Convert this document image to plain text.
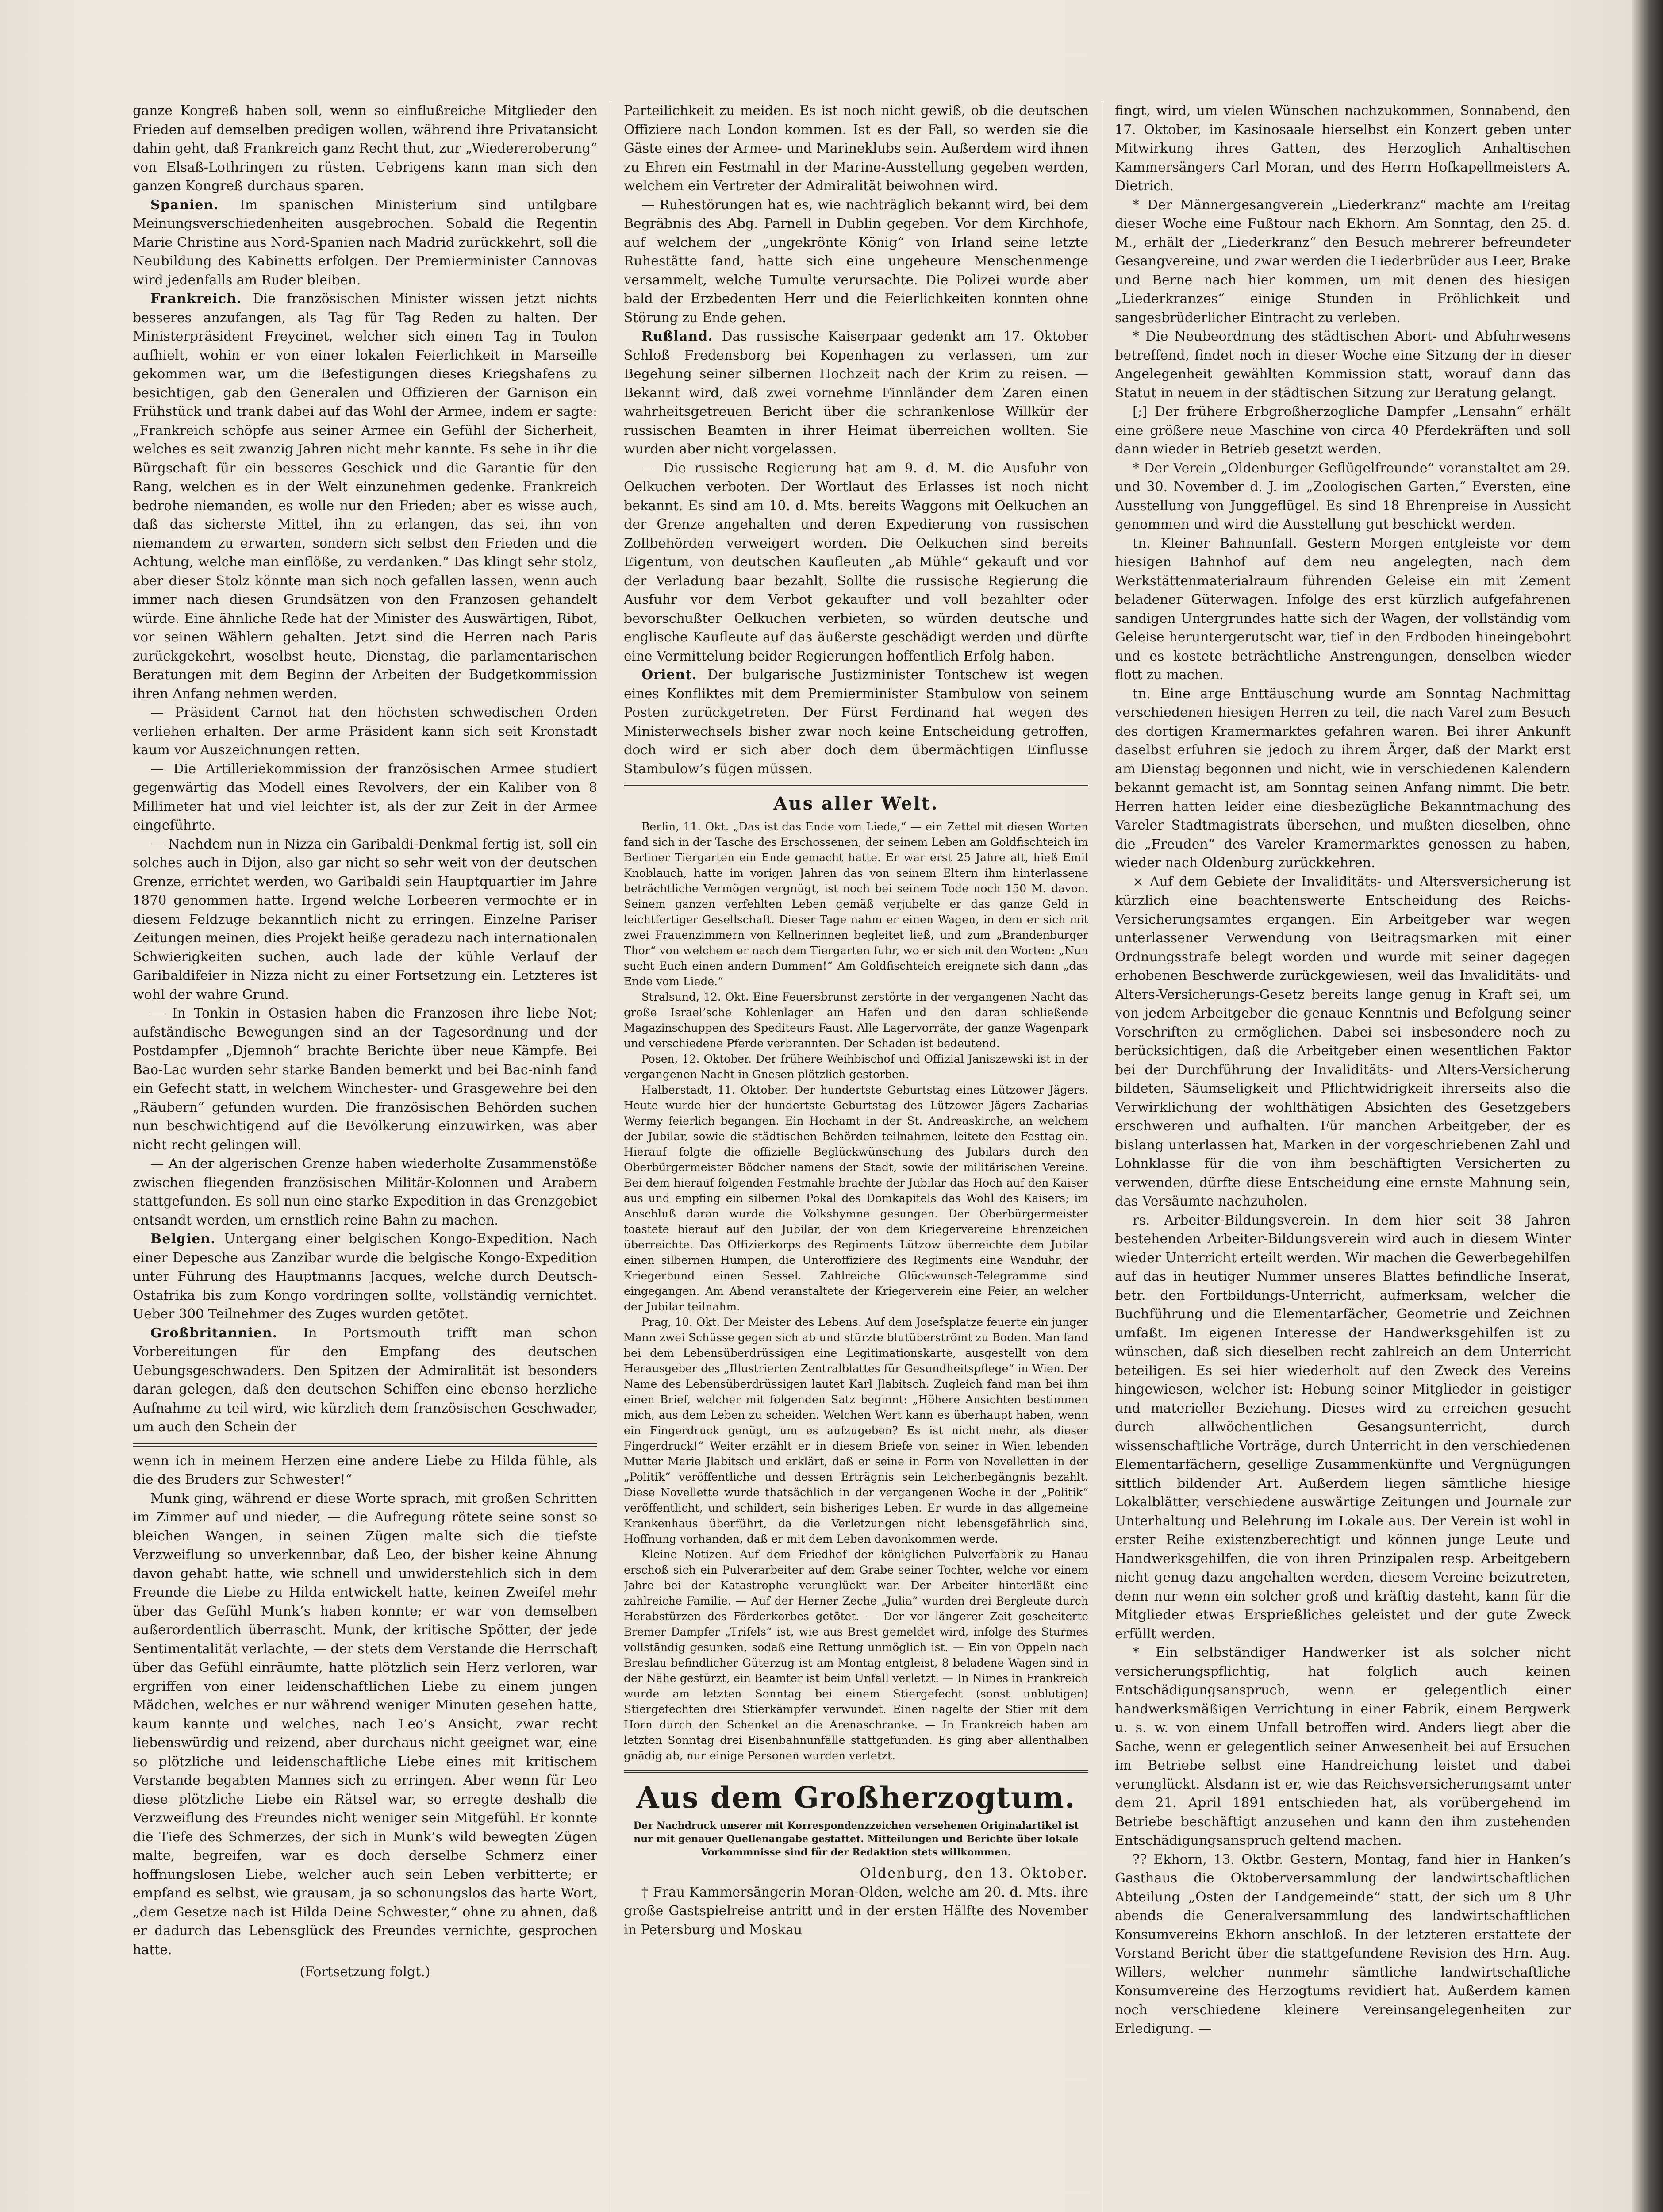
ganze Kongreß haben soll, wenn so einflußreiche Mitglieder den Frieden auf demselben predigen wollen, während ihre Privatansicht dahin geht, daß Frankreich ganz Recht thut, zur „Wiedereroberung“ von Elsaß-Lothringen zu rüsten. Uebrigens kann man sich den ganzen Kongreß durchaus sparen.

Spanien. Im spanischen Ministerium sind untilgbare Meinungsverschiedenheiten ausgebrochen. Sobald die Regentin Marie Christine aus Nord-Spanien nach Madrid zurückkehrt, soll die Neubildung des Kabinetts erfolgen. Der Premierminister Cannovas wird jedenfalls am Ruder bleiben.

Frankreich. Die französischen Minister wissen jetzt nichts besseres anzufangen, als Tag für Tag Reden zu halten. Der Ministerpräsident Freycinet, welcher sich einen Tag in Toulon aufhielt, wohin er von einer lokalen Feierlichkeit in Marseille gekommen war, um die Befestigungen dieses Kriegshafens zu besichtigen, gab den Generalen und Offizieren der Garnison ein Frühstück und trank dabei auf das Wohl der Armee, indem er sagte: „Frankreich schöpfe aus seiner Armee ein Gefühl der Sicherheit, welches es seit zwanzig Jahren nicht mehr kannte. Es sehe in ihr die Bürgschaft für ein besseres Geschick und die Garantie für den Rang, welchen es in der Welt einzunehmen gedenke. Frankreich bedrohe niemanden, es wolle nur den Frieden; aber es wisse auch, daß das sicherste Mittel, ihn zu erlangen, das sei, ihn von niemandem zu erwarten, sondern sich selbst den Frieden und die Achtung, welche man einflöße, zu verdanken.“ Das klingt sehr stolz, aber dieser Stolz könnte man sich noch gefallen lassen, wenn auch immer nach diesen Grundsätzen von den Franzosen gehandelt würde. Eine ähnliche Rede hat der Minister des Auswärtigen, Ribot, vor seinen Wählern gehalten. Jetzt sind die Herren nach Paris zurückgekehrt, woselbst heute, Dienstag, die parlamentarischen Beratungen mit dem Beginn der Arbeiten der Budgetkommission ihren Anfang nehmen werden.

— Präsident Carnot hat den höchsten schwedischen Orden verliehen erhalten. Der arme Präsident kann sich seit Kronstadt kaum vor Auszeichnungen retten.

— Die Artilleriekommission der französischen Armee studiert gegenwärtig das Modell eines Revolvers, der ein Kaliber von 8 Millimeter hat und viel leichter ist, als der zur Zeit in der Armee eingeführte.

— Nachdem nun in Nizza ein Garibaldi-Denkmal fertig ist, soll ein solches auch in Dijon, also gar nicht so sehr weit von der deutschen Grenze, errichtet werden, wo Garibaldi sein Hauptquartier im Jahre 1870 genommen hatte. Irgend welche Lorbeeren vermochte er in diesem Feldzuge bekanntlich nicht zu erringen. Einzelne Pariser Zeitungen meinen, dies Projekt heiße geradezu nach internationalen Schwierigkeiten suchen, auch lade der kühle Verlauf der Garibaldifeier in Nizza nicht zu einer Fortsetzung ein. Letzteres ist wohl der wahre Grund.

— In Tonkin in Ostasien haben die Franzosen ihre liebe Not; aufständische Bewegungen sind an der Tagesordnung und der Postdampfer „Djemnoh“ brachte Berichte über neue Kämpfe. Bei Bao-Lac wurden sehr starke Banden bemerkt und bei Bac-ninh fand ein Gefecht statt, in welchem Winchester- und Grasgewehre bei den „Räubern“ gefunden wurden. Die französischen Behörden suchen nun beschwichtigend auf die Bevölkerung einzuwirken, was aber nicht recht gelingen will.

— An der algerischen Grenze haben wiederholte Zusammenstöße zwischen fliegenden französischen Militär-Kolonnen und Arabern stattgefunden. Es soll nun eine starke Expedition in das Grenzgebiet entsandt werden, um ernstlich reine Bahn zu machen.

Belgien. Untergang einer belgischen Kongo-Expedition. Nach einer Depesche aus Zanzibar wurde die belgische Kongo-Expedition unter Führung des Hauptmanns Jacques, welche durch Deutsch-Ostafrika bis zum Kongo vordringen sollte, vollständig vernichtet. Ueber 300 Teilnehmer des Zuges wurden getötet.

Großbritannien. In Portsmouth trifft man schon Vorbereitungen für den Empfang des deutschen Uebungsgeschwaders. Den Spitzen der Admiralität ist besonders daran gelegen, daß den deutschen Schiffen eine ebenso herzliche Aufnahme zu teil wird, wie kürzlich dem französischen Geschwader, um auch den Schein der

wenn ich in meinem Herzen eine andere Liebe zu Hilda fühle, als die des Bruders zur Schwester!“

Munk ging, während er diese Worte sprach, mit großen Schritten im Zimmer auf und nieder, — die Aufregung rötete seine sonst so bleichen Wangen, in seinen Zügen malte sich die tiefste Verzweiflung so unverkennbar, daß Leo, der bisher keine Ahnung davon gehabt hatte, wie schnell und unwiderstehlich sich in dem Freunde die Liebe zu Hilda entwickelt hatte, keinen Zweifel mehr über das Gefühl Munk’s haben konnte; er war von demselben außerordentlich überrascht. Munk, der kritische Spötter, der jede Sentimentalität verlachte, — der stets dem Verstande die Herrschaft über das Gefühl einräumte, hatte plötzlich sein Herz verloren, war ergriffen von einer leidenschaftlichen Liebe zu einem jungen Mädchen, welches er nur während weniger Minuten gesehen hatte, kaum kannte und welches, nach Leo’s Ansicht, zwar recht liebenswürdig und reizend, aber durchaus nicht geeignet war, eine so plötzliche und leidenschaftliche Liebe eines mit kritischem Verstande begabten Mannes sich zu erringen. Aber wenn für Leo diese plötzliche Liebe ein Rätsel war, so erregte deshalb die Verzweiflung des Freundes nicht weniger sein Mitgefühl. Er konnte die Tiefe des Schmerzes, der sich in Munk’s wild bewegten Zügen malte, begreifen, war es doch derselbe Schmerz einer hoffnungslosen Liebe, welcher auch sein Leben verbitterte; er empfand es selbst, wie grausam, ja so schonungslos das harte Wort, „dem Gesetze nach ist Hilda Deine Schwester,“ ohne zu ahnen, daß er dadurch das Lebensglück des Freundes vernichte, gesprochen hatte.

(Fortsetzung folgt.)

Parteilichkeit zu meiden. Es ist noch nicht gewiß, ob die deutschen Offiziere nach London kommen. Ist es der Fall, so werden sie die Gäste eines der Armee- und Marineklubs sein. Außerdem wird ihnen zu Ehren ein Festmahl in der Marine-Ausstellung gegeben werden, welchem ein Vertreter der Admiralität beiwohnen wird.

— Ruhestörungen hat es, wie nachträglich bekannt wird, bei dem Begräbnis des Abg. Parnell in Dublin gegeben. Vor dem Kirchhofe, auf welchem der „ungekrönte König“ von Irland seine letzte Ruhestätte fand, hatte sich eine ungeheure Menschenmenge versammelt, welche Tumulte verursachte. Die Polizei wurde aber bald der Erzbedenten Herr und die Feierlichkeiten konnten ohne Störung zu Ende gehen.

Rußland. Das russische Kaiserpaar gedenkt am 17. Oktober Schloß Fredensborg bei Kopenhagen zu verlassen, um zur Begehung seiner silbernen Hochzeit nach der Krim zu reisen. — Bekannt wird, daß zwei vornehme Finnländer dem Zaren einen wahrheitsgetreuen Bericht über die schrankenlose Willkür der russischen Beamten in ihrer Heimat überreichen wollten. Sie wurden aber nicht vorgelassen.

— Die russische Regierung hat am 9. d. M. die Ausfuhr von Oelkuchen verboten. Der Wortlaut des Erlasses ist noch nicht bekannt. Es sind am 10. d. Mts. bereits Waggons mit Oelkuchen an der Grenze angehalten und deren Expedierung von russischen Zollbehörden verweigert worden. Die Oelkuchen sind bereits Eigentum, von deutschen Kaufleuten „ab Mühle“ gekauft und vor der Verladung baar bezahlt. Sollte die russische Regierung die Ausfuhr vor dem Verbot gekaufter und voll bezahlter oder bevorschußter Oelkuchen verbieten, so würden deutsche und englische Kaufleute auf das äußerste geschädigt werden und dürfte eine Vermittelung beider Regierungen hoffentlich Erfolg haben.

Orient. Der bulgarische Justizminister Tontschew ist wegen eines Konfliktes mit dem Premierminister Stambulow von seinem Posten zurückgetreten. Der Fürst Ferdinand hat wegen des Ministerwechsels bisher zwar noch keine Entscheidung getroffen, doch wird er sich aber doch dem übermächtigen Einflusse Stambulow’s fügen müssen.

Aus aller Welt.

Berlin, 11. Okt. „Das ist das Ende vom Liede,“ — ein Zettel mit diesen Worten fand sich in der Tasche des Erschossenen, der seinem Leben am Goldfischteich im Berliner Tiergarten ein Ende gemacht hatte. Er war erst 25 Jahre alt, hieß Emil Knoblauch, hatte im vorigen Jahren das von seinem Eltern ihm hinterlassene beträchtliche Vermögen vergnügt, ist noch bei seinem Tode noch 150 M. davon. Seinem ganzen verfehlten Leben gemäß verjubelte er das ganze Geld in leichtfertiger Gesellschaft. Dieser Tage nahm er einen Wagen, in dem er sich mit zwei Frauenzimmern von Kellnerinnen begleitet ließ, und zum „Brandenburger Thor“ von welchem er nach dem Tiergarten fuhr, wo er sich mit den Worten: „Nun sucht Euch einen andern Dummen!“ Am Goldfischteich ereignete sich dann „das Ende vom Liede.“

Stralsund, 12. Okt. Eine Feuersbrunst zerstörte in der vergangenen Nacht das große Israel’sche Kohlenlager am Hafen und den daran schließende Magazinschuppen des Spediteurs Faust. Alle Lagervorräte, der ganze Wagenpark und verschiedene Pferde verbrannten. Der Schaden ist bedeutend.

Posen, 12. Oktober. Der frühere Weihbischof und Offizial Janiszewski ist in der vergangenen Nacht in Gnesen plötzlich gestorben.

Halberstadt, 11. Oktober. Der hundertste Geburtstag eines Lützower Jägers. Heute wurde hier der hundertste Geburtstag des Lützower Jägers Zacharias Wermy feierlich begangen. Ein Hochamt in der St. Andreaskirche, an welchem der Jubilar, sowie die städtischen Behörden teilnahmen, leitete den Festtag ein. Hierauf folgte die offizielle Beglückwünschung des Jubilars durch den Oberbürgermeister Bödcher namens der Stadt, sowie der militärischen Vereine. Bei dem hierauf folgenden Festmahle brachte der Jubilar das Hoch auf den Kaiser aus und empfing ein silbernen Pokal des Domkapitels das Wohl des Kaisers; im Anschluß daran wurde die Volkshymne gesungen. Der Oberbürgermeister toastete hierauf auf den Jubilar, der von dem Kriegervereine Ehrenzeichen überreichte. Das Offizierkorps des Regiments Lützow überreichte dem Jubilar einen silbernen Humpen, die Unteroffiziere des Regiments eine Wanduhr, der Kriegerbund einen Sessel. Zahlreiche Glückwunsch-Telegramme sind eingegangen. Am Abend veranstaltete der Kriegerverein eine Feier, an welcher der Jubilar teilnahm.

Prag, 10. Okt. Der Meister des Lebens. Auf dem Josefsplatze feuerte ein junger Mann zwei Schüsse gegen sich ab und stürzte blutüberströmt zu Boden. Man fand bei dem Lebensüberdrüssigen eine Legitimationskarte, ausgestellt von dem Herausgeber des „Illustrierten Zentralblattes für Gesundheitspflege“ in Wien. Der Name des Lebensüberdrüssigen lautet Karl Jlabitsch. Zugleich fand man bei ihm einen Brief, welcher mit folgenden Satz beginnt: „Höhere Ansichten bestimmen mich, aus dem Leben zu scheiden. Welchen Wert kann es überhaupt haben, wenn ein Fingerdruck genügt, um es aufzugeben? Es ist nicht mehr, als dieser Fingerdruck!“ Weiter erzählt er in diesem Briefe von seiner in Wien lebenden Mutter Marie Jlabitsch und erklärt, daß er seine in Form von Novelletten in der „Politik“ veröffentliche und dessen Erträgnis sein Leichenbegängnis bezahlt. Diese Novellette wurde thatsächlich in der vergangenen Woche in der „Politik“ veröffentlicht, und schildert, sein bisheriges Leben. Er wurde in das allgemeine Krankenhaus überführt, da die Verletzungen nicht lebensgefährlich sind, Hoffnung vorhanden, daß er mit dem Leben davonkommen werde.

Kleine Notizen. Auf dem Friedhof der königlichen Pulverfabrik zu Hanau erschoß sich ein Pulverarbeiter auf dem Grabe seiner Tochter, welche vor einem Jahre bei der Katastrophe verunglückt war. Der Arbeiter hinterläßt eine zahlreiche Familie. — Auf der Herner Zeche „Julia“ wurden drei Bergleute durch Herabstürzen des Förderkorbes getötet. — Der vor längerer Zeit gescheiterte Bremer Dampfer „Trifels“ ist, wie aus Brest gemeldet wird, infolge des Sturmes vollständig gesunken, sodaß eine Rettung unmöglich ist. — Ein von Oppeln nach Breslau befindlicher Güterzug ist am Montag entgleist, 8 beladene Wagen sind in der Nähe gestürzt, ein Beamter ist beim Unfall verletzt. — In Nimes in Frankreich wurde am letzten Sonntag bei einem Stiergefecht (sonst unblutigen) Stiergefechten drei Stierkämpfer verwundet. Einen nagelte der Stier mit dem Horn durch den Schenkel an die Arenaschranke. — In Frankreich haben am letzten Sonntag drei Eisenbahnunfälle stattgefunden. Es ging aber allenthalben gnädig ab, nur einige Personen wurden verletzt.

Aus dem Großherzogtum.
Der Nachdruck unserer mit Korrespondenzzeichen versehenen Originalartikel ist nur mit genauer Quellenangabe gestattet. Mitteilungen und Berichte über lokale Vorkommnisse sind für der Redaktion stets willkommen.

Oldenburg, den 13. Oktober.

† Frau Kammersängerin Moran-Olden, welche am 20. d. Mts. ihre große Gastspielreise antritt und in der ersten Hälfte des November in Petersburg und Moskau

fingt, wird, um vielen Wünschen nachzukommen, Sonnabend, den 17. Oktober, im Kasinosaale hierselbst ein Konzert geben unter Mitwirkung ihres Gatten, des Herzoglich Anhaltischen Kammersängers Carl Moran, und des Herrn Hofkapellmeisters A. Dietrich.

* Der Männergesangverein „Liederkranz“ machte am Freitag dieser Woche eine Fußtour nach Ekhorn. Am Sonntag, den 25. d. M., erhält der „Liederkranz“ den Besuch mehrerer befreundeter Gesangvereine, und zwar werden die Liederbrüder aus Leer, Brake und Berne nach hier kommen, um mit denen des hiesigen „Liederkranzes“ einige Stunden in Fröhlichkeit und sangesbrüderlicher Eintracht zu verleben.

* Die Neubeordnung des städtischen Abort- und Abfuhrwesens betreffend, findet noch in dieser Woche eine Sitzung der in dieser Angelegenheit gewählten Kommission statt, worauf dann das Statut in neuem in der städtischen Sitzung zur Beratung gelangt.

[;] Der frühere Erbgroßherzogliche Dampfer „Lensahn“ erhält eine größere neue Maschine von circa 40 Pferdekräften und soll dann wieder in Betrieb gesetzt werden.

* Der Verein „Oldenburger Geflügelfreunde“ veranstaltet am 29. und 30. November d. J. im „Zoologischen Garten,“ Eversten, eine Ausstellung von Junggeflügel. Es sind 18 Ehrenpreise in Aussicht genommen und wird die Ausstellung gut beschickt werden.

tn. Kleiner Bahnunfall. Gestern Morgen entgleiste vor dem hiesigen Bahnhof auf dem neu angelegten, nach dem Werkstättenmaterialraum führenden Geleise ein mit Zement beladener Güterwagen. Infolge des erst kürzlich aufgefahrenen sandigen Untergrundes hatte sich der Wagen, der vollständig vom Geleise heruntergerutscht war, tief in den Erdboden hineingebohrt und es kostete beträchtliche Anstrengungen, denselben wieder flott zu machen.

tn. Eine arge Enttäuschung wurde am Sonntag Nachmittag verschiedenen hiesigen Herren zu teil, die nach Varel zum Besuch des dortigen Kramermarktes gefahren waren. Bei ihrer Ankunft daselbst erfuhren sie jedoch zu ihrem Ärger, daß der Markt erst am Dienstag begonnen und nicht, wie in verschiedenen Kalendern bekannt gemacht ist, am Sonntag seinen Anfang nimmt. Die betr. Herren hatten leider eine diesbezügliche Bekanntmachung des Vareler Stadtmagistrats übersehen, und mußten dieselben, ohne die „Freuden“ des Vareler Kramermarktes genossen zu haben, wieder nach Oldenburg zurückkehren.

× Auf dem Gebiete der Invaliditäts- und Altersversicherung ist kürzlich eine beachtenswerte Entscheidung des Reichs-Versicherungsamtes ergangen. Ein Arbeitgeber war wegen unterlassener Verwendung von Beitragsmarken mit einer Ordnungsstrafe belegt worden und wurde mit seiner dagegen erhobenen Beschwerde zurückgewiesen, weil das Invaliditäts- und Alters-Versicherungs-Gesetz bereits lange genug in Kraft sei, um von jedem Arbeitgeber die genaue Kenntnis und Befolgung seiner Vorschriften zu ermöglichen. Dabei sei insbesondere noch zu berücksichtigen, daß die Arbeitgeber einen wesentlichen Faktor bei der Durchführung der Invaliditäts- und Alters-Versicherung bildeten, Säumseligkeit und Pflichtwidrigkeit ihrerseits also die Verwirklichung der wohlthätigen Absichten des Gesetzgebers erschweren und aufhalten. Für manchen Arbeitgeber, der es bislang unterlassen hat, Marken in der vorgeschriebenen Zahl und Lohnklasse für die von ihm beschäftigten Versicherten zu verwenden, dürfte diese Entscheidung eine ernste Mahnung sein, das Versäumte nachzuholen.

rs. Arbeiter-Bildungsverein. In dem hier seit 38 Jahren bestehenden Arbeiter-Bildungsverein wird auch in diesem Winter wieder Unterricht erteilt werden. Wir machen die Gewerbegehilfen auf das in heutiger Nummer unseres Blattes befindliche Inserat, betr. den Fortbildungs-Unterricht, aufmerksam, welcher die Buchführung und die Elementarfächer, Geometrie und Zeichnen umfaßt. Im eigenen Interesse der Handwerksgehilfen ist zu wünschen, daß sich dieselben recht zahlreich an dem Unterricht beteiligen. Es sei hier wiederholt auf den Zweck des Vereins hingewiesen, welcher ist: Hebung seiner Mitglieder in geistiger und materieller Beziehung. Dieses wird zu erreichen gesucht durch allwöchentlichen Gesangsunterricht, durch wissenschaftliche Vorträge, durch Unterricht in den verschiedenen Elementarfächern, gesellige Zusammenkünfte und Vergnügungen sittlich bildender Art. Außerdem liegen sämtliche hiesige Lokalblätter, verschiedene auswärtige Zeitungen und Journale zur Unterhaltung und Belehrung im Lokale aus. Der Verein ist wohl in erster Reihe existenzberechtigt und können junge Leute und Handwerksgehilfen, die von ihren Prinzipalen resp. Arbeitgebern nicht genug dazu angehalten werden, diesem Vereine beizutreten, denn nur wenn ein solcher groß und kräftig dasteht, kann für die Mitglieder etwas Ersprießliches geleistet und der gute Zweck erfüllt werden.

* Ein selbständiger Handwerker ist als solcher nicht versicherungspflichtig, hat folglich auch keinen Entschädigungsanspruch, wenn er gelegentlich einer handwerksmäßigen Verrichtung in einer Fabrik, einem Bergwerk u. s. w. von einem Unfall betroffen wird. Anders liegt aber die Sache, wenn er gelegentlich seiner Anwesenheit bei auf Ersuchen im Betriebe selbst eine Handreichung leistet und dabei verunglückt. Alsdann ist er, wie das Reichsversicherungsamt unter dem 21. April 1891 entschieden hat, als vorübergehend im Betriebe beschäftigt anzusehen und kann den ihm zustehenden Entschädigungsanspruch geltend machen.

?? Ekhorn, 13. Oktbr. Gestern, Montag, fand hier in Hanken’s Gasthaus die Oktoberversammlung der landwirtschaftlichen Abteilung „Osten der Landgemeinde“ statt, der sich um 8 Uhr abends die Generalversammlung des landwirtschaftlichen Konsumvereins Ekhorn anschloß. In der letzteren erstattete der Vorstand Bericht über die stattgefundene Revision des Hrn. Aug. Willers, welcher nunmehr sämtliche landwirtschaftliche Konsumvereine des Herzogtums revidiert hat. Außerdem kamen noch verschiedene kleinere Vereinsangelegenheiten zur Erledigung. —
